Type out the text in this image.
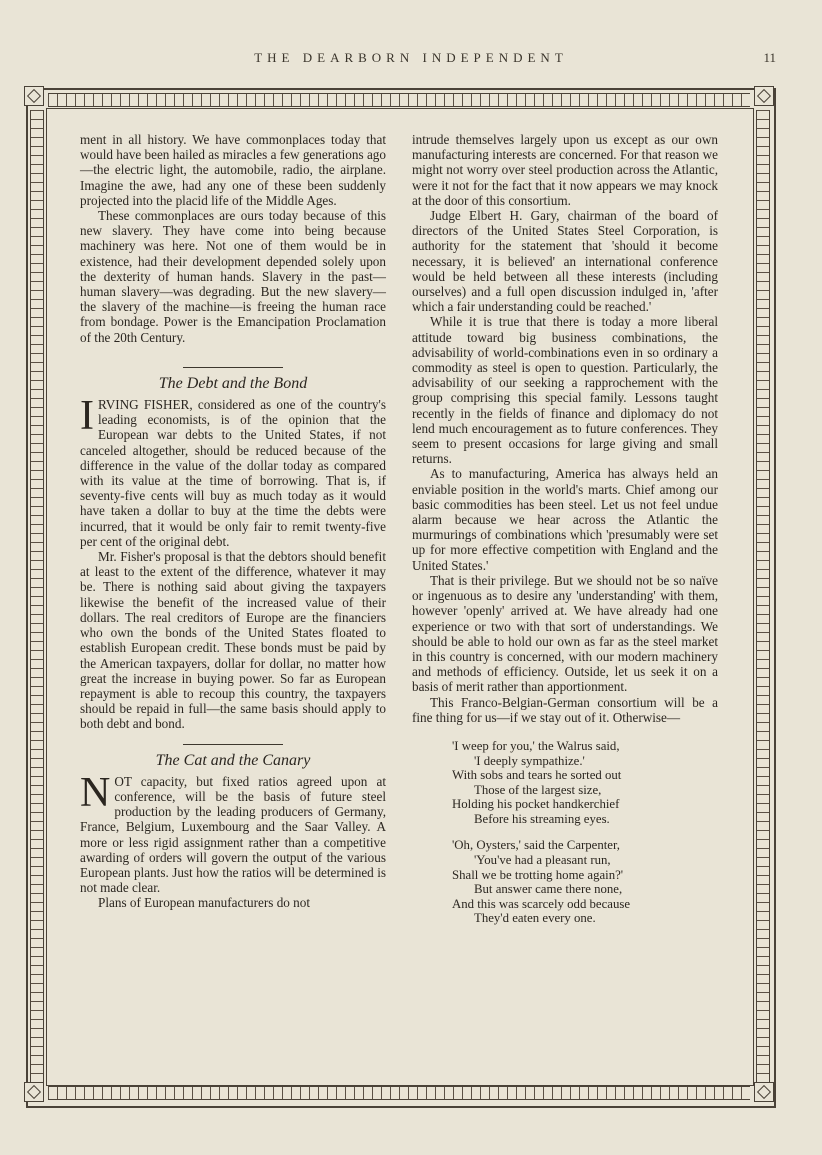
THE DEARBORN INDEPENDENT	11

ment in all history. We have commonplaces today that would have been hailed as miracles a few generations ago—the electric light, the automobile, radio, the airplane. Imagine the awe, had any one of these been suddenly projected into the placid life of the Middle Ages.

These commonplaces are ours today because of this new slavery. They have come into being because machinery was here. Not one of them would be in existence, had their development depended solely upon the dexterity of human hands. Slavery in the past—human slavery—was degrading. But the new slavery—the slavery of the machine—is freeing the human race from bondage. Power is the Emancipation Proclamation of the 20th Century.

The Debt and the Bond

IRVING FISHER, considered as one of the country's leading economists, is of the opinion that the European war debts to the United States, if not canceled altogether, should be reduced because of the difference in the value of the dollar today as compared with its value at the time of borrowing. That is, if seventy-five cents will buy as much today as it would have taken a dollar to buy at the time the debts were incurred, that it would be only fair to remit twenty-five per cent of the original debt.

Mr. Fisher's proposal is that the debtors should benefit at least to the extent of the difference, whatever it may be. There is nothing said about giving the taxpayers likewise the benefit of the increased value of their dollars. The real creditors of Europe are the financiers who own the bonds of the United States floated to establish European credit. These bonds must be paid by the American taxpayers, dollar for dollar, no matter how great the increase in buying power. So far as European repayment is able to recoup this country, the taxpayers should be repaid in full—the same basis should apply to both debt and bond.

The Cat and the Canary

NOT capacity, but fixed ratios agreed upon at conference, will be the basis of future steel production by the leading producers of Germany, France, Belgium, Luxembourg and the Saar Valley. A more or less rigid assignment rather than a competitive awarding of orders will govern the output of the various European plants. Just how the ratios will be determined is not made clear.

Plans of European manufacturers do not

intrude themselves largely upon us except as our own manufacturing interests are concerned. For that reason we might not worry over steel production across the Atlantic, were it not for the fact that it now appears we may knock at the door of this consortium.

Judge Elbert H. Gary, chairman of the board of directors of the United States Steel Corporation, is authority for the statement that 'should it become necessary, it is believed' an international conference would be held between all these interests (including ourselves) and a full open discussion indulged in, 'after which a fair understanding could be reached.'

While it is true that there is today a more liberal attitude toward big business combinations, the advisability of world-combinations even in so ordinary a commodity as steel is open to question. Particularly, the advisability of our seeking a rapprochement with the group comprising this special family. Lessons taught recently in the fields of finance and diplomacy do not lend much encouragement as to future conferences. They seem to present occasions for large giving and small returns.

As to manufacturing, America has always held an enviable position in the world's marts. Chief among our basic commodities has been steel. Let us not feel undue alarm because we hear across the Atlantic the murmurings of combinations which 'presumably were set up for more effective competition with England and the United States.'

That is their privilege. But we should not be so naïve or ingenuous as to desire any 'understanding' with them, however 'openly' arrived at. We have already had one experience or two with that sort of understandings. We should be able to hold our own as far as the steel market in this country is concerned, with our modern machinery and methods of efficiency. Outside, let us seek it on a basis of merit rather than apportionment.

This Franco-Belgian-German consortium will be a fine thing for us—if we stay out of it. Otherwise—

'I weep for you,' the Walrus said,
'I deeply sympathize.'
With sobs and tears he sorted out
Those of the largest size,
Holding his pocket handkerchief
Before his streaming eyes.
'Oh, Oysters,' said the Carpenter,
'You've had a pleasant run,
Shall we be trotting home again?'
But answer came there none,
And this was scarcely odd because
They'd eaten every one.
